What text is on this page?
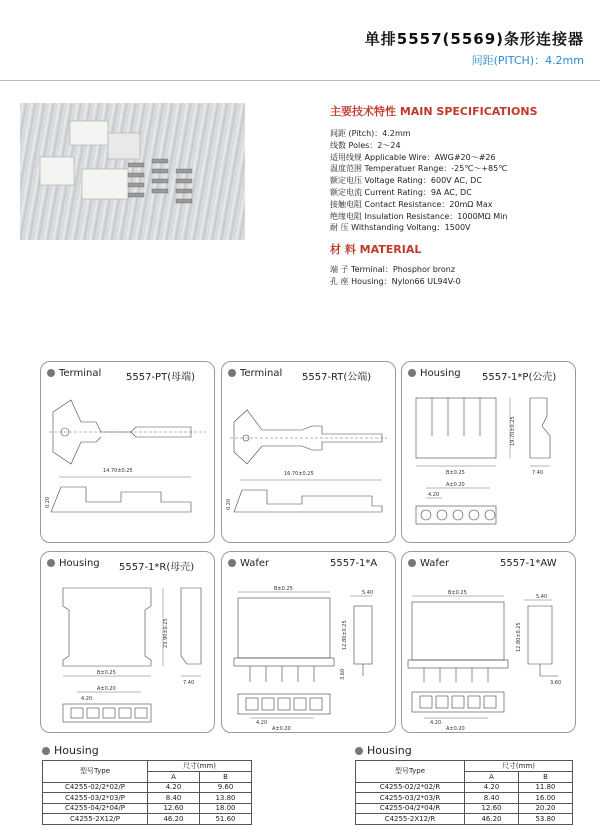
单排5557(5569)条形连接器
间距(PITCH)：4.2mm
主要技术特性 MAIN SPECIFICATIONS
间距 (Pitch)：4.2mm
线数 Poles：2～24
适用线规 Applicable Wire：AWG#20～#26
温度范围 Temperatuer Range：-25℃～+85℃
额定电压 Voltage Rating：600V AC, DC
额定电流 Current Rating：9A AC, DC
接触电阻 Contact Resistance：20mΩ Max
绝缘电阻 Insulation Resistance：1000MΩ Min
耐 压 Withstanding Voltang：1500V
材 料 MATERIAL
端 子 Terminal：Phosphor bronz
孔 座 Housing：Nylon66 UL94V-0
Terminal 5557-PT(母端)
14.70±0.25
0.20
Terminal 5557-RT(公端)
16.70±0.25
0.20
Housing 5557-1*P(公壳)
19.70±0.25
B±0.25	7.40
A±0.20
4.20
Housing 5557-1*R(母壳)
23.90±0.25
B±0.25
7.40
A±0.20
4.20
Wafer	5557-1*A
B±0.25
5.40
12.80±0.25
3.60
4.20
A±0.20
Wafer	5557-1*AW
B±0.25
5.40
12.80±0.25
3.60
4.20
A±0.20
Housing
型号Type	尺寸(mm)	
	A	B
C4255-02/2*02/P	4.20	9.60
C4255-03/2*03/P	8.40	13.80
C4255-04/2*04/P	12.60	18.00
C4255-2X12/P	46.20	51.60
Housing
型号Type	尺寸(mm)	
	A	B
C4255-02/2*02/R	4.20	11.80
C4255-03/2*03/R	8.40	16.00
C4255-04/2*04/R	12.60	20.20
C4255-2X12/R	46.20	53.80
